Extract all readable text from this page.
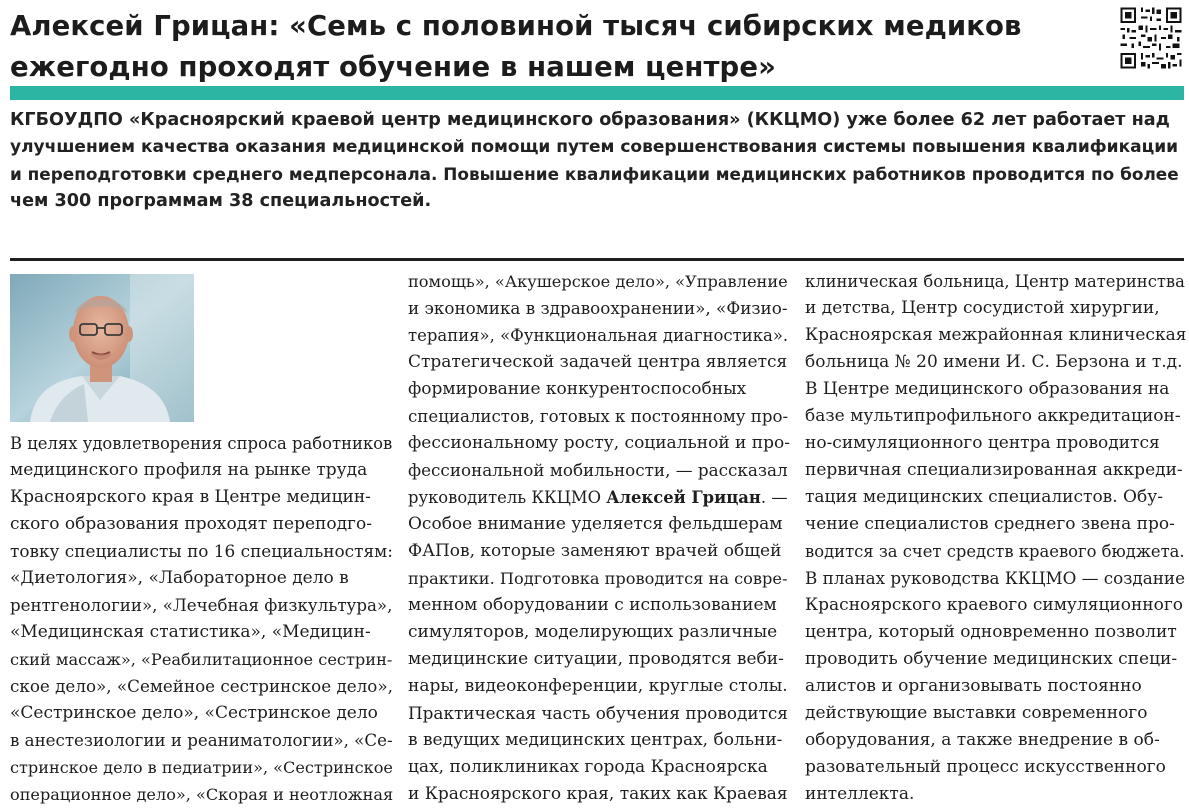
Алексей Грицан: «Семь с половиной тысяч сибирских медиков
ежегодно проходят обучение в нашем центре»

КГБОУДПО «Красноярский краевой центр медицинского образования» (ККЦМО) уже более 62 лет работает над
улучшением качества оказания медицинской помощи путем совершенствования системы повышения квалификации
и переподготовки среднего медперсонала. Повышение квалификации медицинских работников проводится по более
чем 300 программам 38 специальностей.

В целях удовлетворения спроса работников
медицинского профиля на рынке труда
Красноярского края в Центре медицин-
ского образования проходят переподго-
товку специалисты по 16 специальностям:
«Диетология», «Лабораторное дело в
рентгенологии», «Лечебная физкультура»,
«Медицинская статистика», «Медицин-
ский массаж», «Реабилитационное сестрин-
ское дело», «Семейное сестринское дело»,
«Сестринское дело», «Сестринское дело
в анестезиологии и реаниматологии», «Се-
стринское дело в педиатрии», «Сестринское
операционное дело», «Скорая и неотложная

помощь», «Акушерское дело», «Управление
и экономика в здравоохранении», «Физио-
терапия», «Функциональная диагностика».
Стратегической задачей центра является
формирование конкурентоспособных
специалистов, готовых к постоянному про-
фессиональному росту, социальной и про-
фессиональной мобильности, — рассказал
руководитель ККЦМО Алексей Грицан. —
Особое внимание уделяется фельдшерам
ФАПов, которые заменяют врачей общей
практики. Подготовка проводится на совре-
менном оборудовании с использованием
симуляторов, моделирующих различные
медицинские ситуации, проводятся веби-
нары, видеоконференции, круглые столы.
Практическая часть обучения проводится
в ведущих медицинских центрах, больни-
цах, поликлиниках города Красноярска
и Красноярского края, таких как Краевая

клиническая больница, Центр материнства
и детства, Центр сосудистой хирургии,
Красноярская межрайонная клиническая
больница № 20 имени И. С. Берзона и т.д.
В Центре медицинского образования на
базе мультипрофильного аккредитацион-
но-симуляционного центра проводится
первичная специализированная аккреди-
тация медицинских специалистов. Обу-
чение специалистов среднего звена про-
водится за счет средств краевого бюджета.
В планах руководства ККЦМО — создание
Красноярского краевого симуляционного
центра, который одновременно позволит
проводить обучение медицинских специ-
алистов и организовывать постоянно
действующие выставки современного
оборудования, а также внедрение в об-
разовательный процесс искусственного
интеллекта.
